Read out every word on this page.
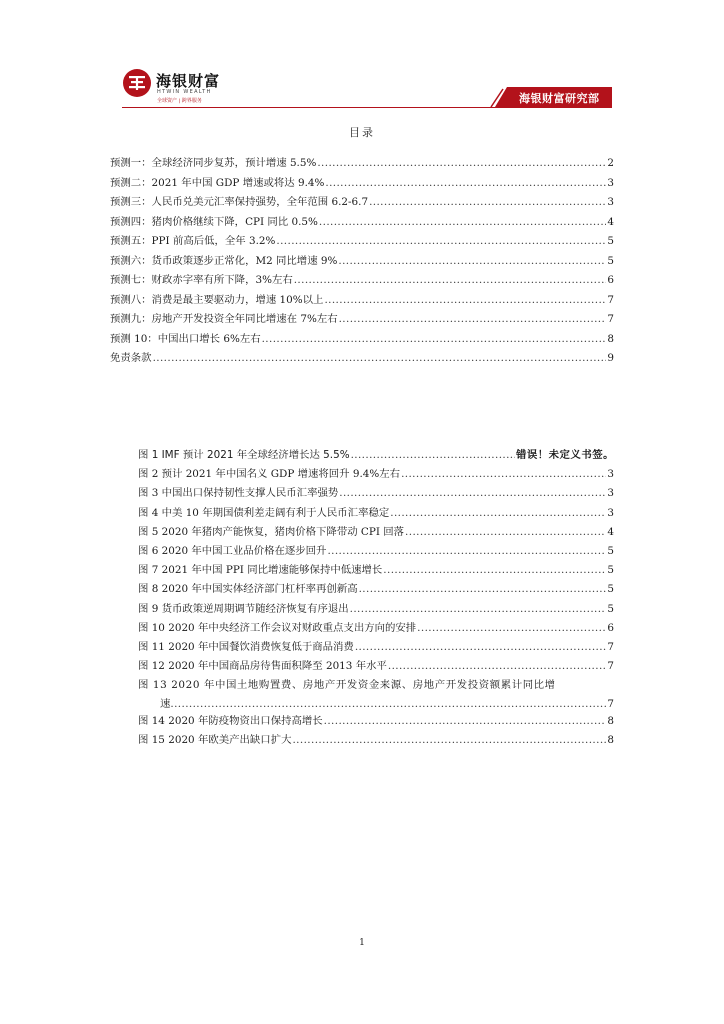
海银财富
HTWIN WEALTH
全球资产 | 跨界服务	海银财富研究部
目录
预测一：全球经济同步复苏，预计增速 5.5% .....	2
预测二：2021 年中国 GDP 增速或将达 9.4% .....	3
预测三：人民币兑美元汇率保持强势，全年范围 6.2-6.7 .....	3
预测四：猪肉价格继续下降，CPI 同比 0.5% .....	4
预测五：PPI 前高后低，全年 3.2% .....	5
预测六：货币政策逐步正常化，M2 同比增速 9% .....	5
预测七：财政赤字率有所下降，3%左右 .....	6
预测八：消费是最主要驱动力，增速 10%以上 .....	7
预测九：房地产开发投资全年同比增速在 7%左右 .....	7
预测 10：中国出口增长 6%左右 .....	8
免责条款 .....	9
图 1 IMF 预计 2021 年全球经济增长达 5.5% .....	错误！未定义书签。
图 2 预计 2021 年中国名义 GDP 增速将回升 9.4%左右 .....	3
图 3 中国出口保持韧性支撑人民币汇率强势 .....	3
图 4 中美 10 年期国债利差走阔有利于人民币汇率稳定 .....	3
图 5 2020 年猪肉产能恢复，猪肉价格下降带动 CPI 回落 .....	4
图 6 2020 年中国工业品价格在逐步回升 .....	5
图 7 2021 年中国 PPI 同比增速能够保持中低速增长 .....	5
图 8 2020 年中国实体经济部门杠杆率再创新高 .....	5
图 9 货币政策逆周期调节随经济恢复有序退出 .....	5
图 10 2020 年中央经济工作会议对财政重点支出方向的安排 .....	6
图 11 2020 年中国餐饮消费恢复低于商品消费 .....	7
图 12 2020 年中国商品房待售面积降至 2013 年水平 .....	7
图 13 2020 年中国土地购置费、房地产开发资金来源、房地产开发投资额累计同比增
速 .....	7
图 14 2020 年防疫物资出口保持高增长 .....	8
图 15 2020 年欧美产出缺口扩大 .....	8
1
